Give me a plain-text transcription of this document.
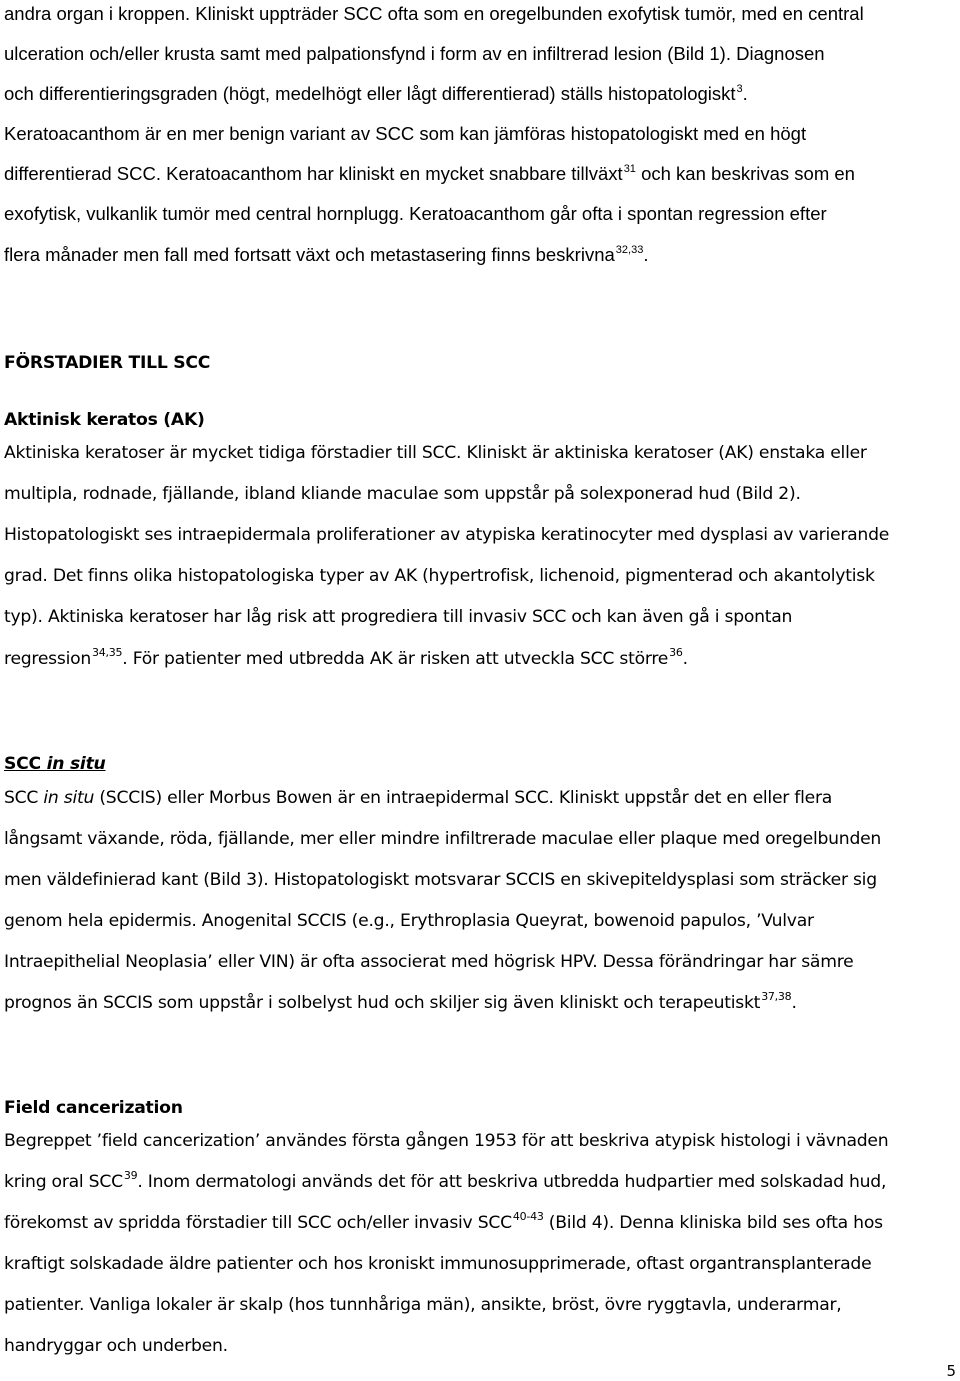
andra organ i kroppen. Kliniskt uppträder SCC ofta som en oregelbunden exofytisk tumör, med en central
ulceration och/eller krusta samt med palpationsfynd i form av en infiltrerad lesion (Bild 1). Diagnosen
och differentieringsgraden (högt, medelhögt eller lågt differentierad) ställs histopatologiskt$^3$.
Keratoacanthom är en mer benign variant av SCC som kan jämföras histopatologiskt med en högt
differentierad SCC. Keratoacanthom har kliniskt en mycket snabbare tillväxt$^{31}$ och kan beskrivas som en
exofytisk, vulkanlik tumör med central hornplugg. Keratoacanthom går ofta i spontan regression efter
flera månader men fall med fortsatt växt och metastasering finns beskrivna$^{32,33}$.
FÖRSTADIER TILL SCC
Aktinisk keratos (AK)
Aktiniska keratoser är mycket tidiga förstadier till SCC. Kliniskt är aktiniska keratoser (AK) enstaka eller
multipla, rodnade, fjällande, ibland kliande maculae som uppstår på solexponerad hud (Bild 2).
Histopatologiskt ses intraepidermala proliferationer av atypiska keratinocyter med dysplasi av varierande
grad. Det finns olika histopatologiska typer av AK (hypertrofisk, lichenoid, pigmenterad och akantolytisk
typ). Aktiniska keratoser har låg risk att progrediera till invasiv SCC och kan även gå i spontan
regression$^{34,35}$. För patienter med utbredda AK är risken att utveckla SCC större$^{36}$.
SCC in situ
SCC in situ (SCCIS) eller Morbus Bowen är en intraepidermal SCC. Kliniskt uppstår det en eller flera
långsamt växande, röda, fjällande, mer eller mindre infiltrerade maculae eller plaque med oregelbunden
men väldefinierad kant (Bild 3). Histopatologiskt motsvarar SCCIS en skivepiteldysplasi som sträcker sig
genom hela epidermis. Anogenital SCCIS (e.g., Erythroplasia Queyrat, bowenoid papulos, ’Vulvar
Intraepithelial Neoplasia’ eller VIN) är ofta associerat med högrisk HPV. Dessa förändringar har sämre
prognos än SCCIS som uppstår i solbelyst hud och skiljer sig även kliniskt och terapeutiskt$^{37,38}$.
Field cancerization
Begreppet ’field cancerization’ användes första gången 1953 för att beskriva atypisk histologi i vävnaden
kring oral SCC$^{39}$. Inom dermatologi används det för att beskriva utbredda hudpartier med solskadad hud,
förekomst av spridda förstadier till SCC och/eller invasiv SCC$^{40-43}$ (Bild 4). Denna kliniska bild ses ofta hos
kraftigt solskadade äldre patienter och hos kroniskt immunosupprimerade, oftast organtransplanterade
patienter. Vanliga lokaler är skalp (hos tunnhåriga män), ansikte, bröst, övre ryggtavla, underarmar,
handryggar och underben.
5
